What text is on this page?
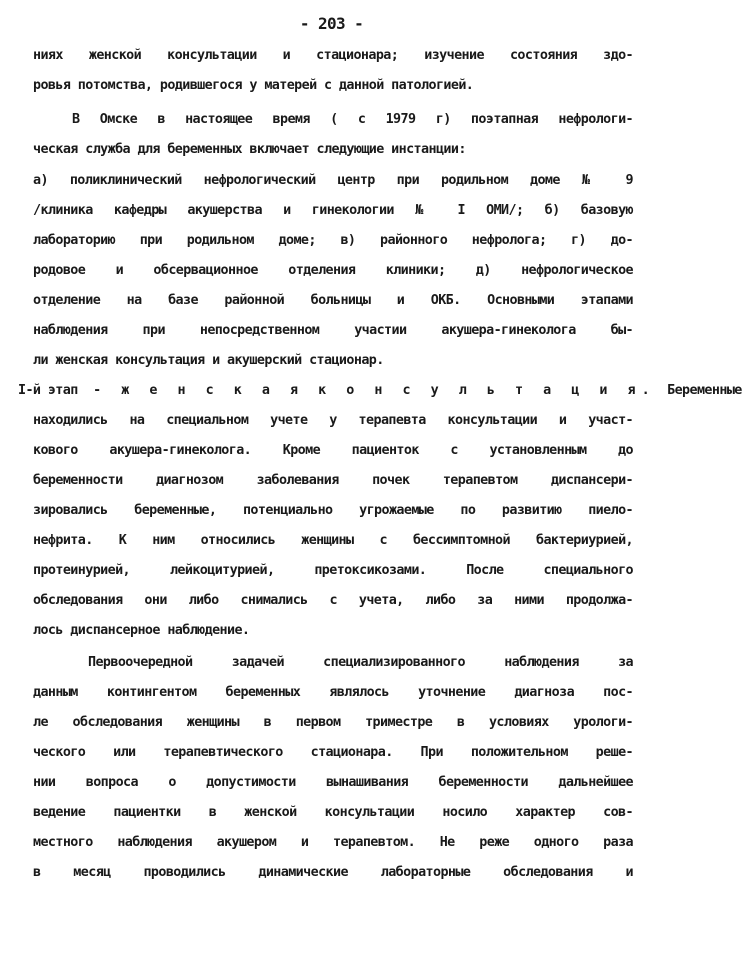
- 203 -
ниях женской консультации и стационара; изучение состояния здо-
ровья потомства, родившегося у матерей с данной патологией.
В Омске в настоящее время ( с 1979 г) поэтапная нефрологи-
ческая служба для беременных включает следующие инстанции:
а) поликлинический нефрологический центр при родильном доме № 9
/клиника кафедры акушерства и гинекологии № I ОМИ/; б) базовую
лабораторию при родильном доме; в) районного нефролога; г) до-
родовое и обсервационное отделения клиники; д) нефрологическое
отделение на базе районной больницы и ОКБ. Основными этапами
наблюдения при непосредственном участии акушера-гинеколога бы-
ли женская консультация и акушерский стационар.
I-й этап - ж е н с к а я к о н с у л ь т а ц и я. Беременные
находились на специальном учете у терапевта консультации и участ-
кового акушера-гинеколога. Кроме пациенток с установленным до
беременности диагнозом заболевания почек терапевтом диспансери-
зировались беременные, потенциально угрожаемые по развитию пиело-
нефрита. К ним относились женщины с бессимптомной бактериурией,
протеинурией, лейкоцитурией, претоксикозами. После специального
обследования они либо снимались с учета, либо за ними продолжа-
лось диспансерное наблюдение.
Первоочередной задачей специализированного наблюдения за
данным контингентом беременных являлось уточнение диагноза пос-
ле обследования женщины в первом триместре в условиях урологи-
ческого или терапевтического стационара. При положительном реше-
нии вопроса о допустимости вынашивания беременности дальнейшее
ведение пациентки в женской консультации носило характер сов-
местного наблюдения акушером и терапевтом. Не реже одного раза
в месяц проводились динамические лабораторные обследования и
